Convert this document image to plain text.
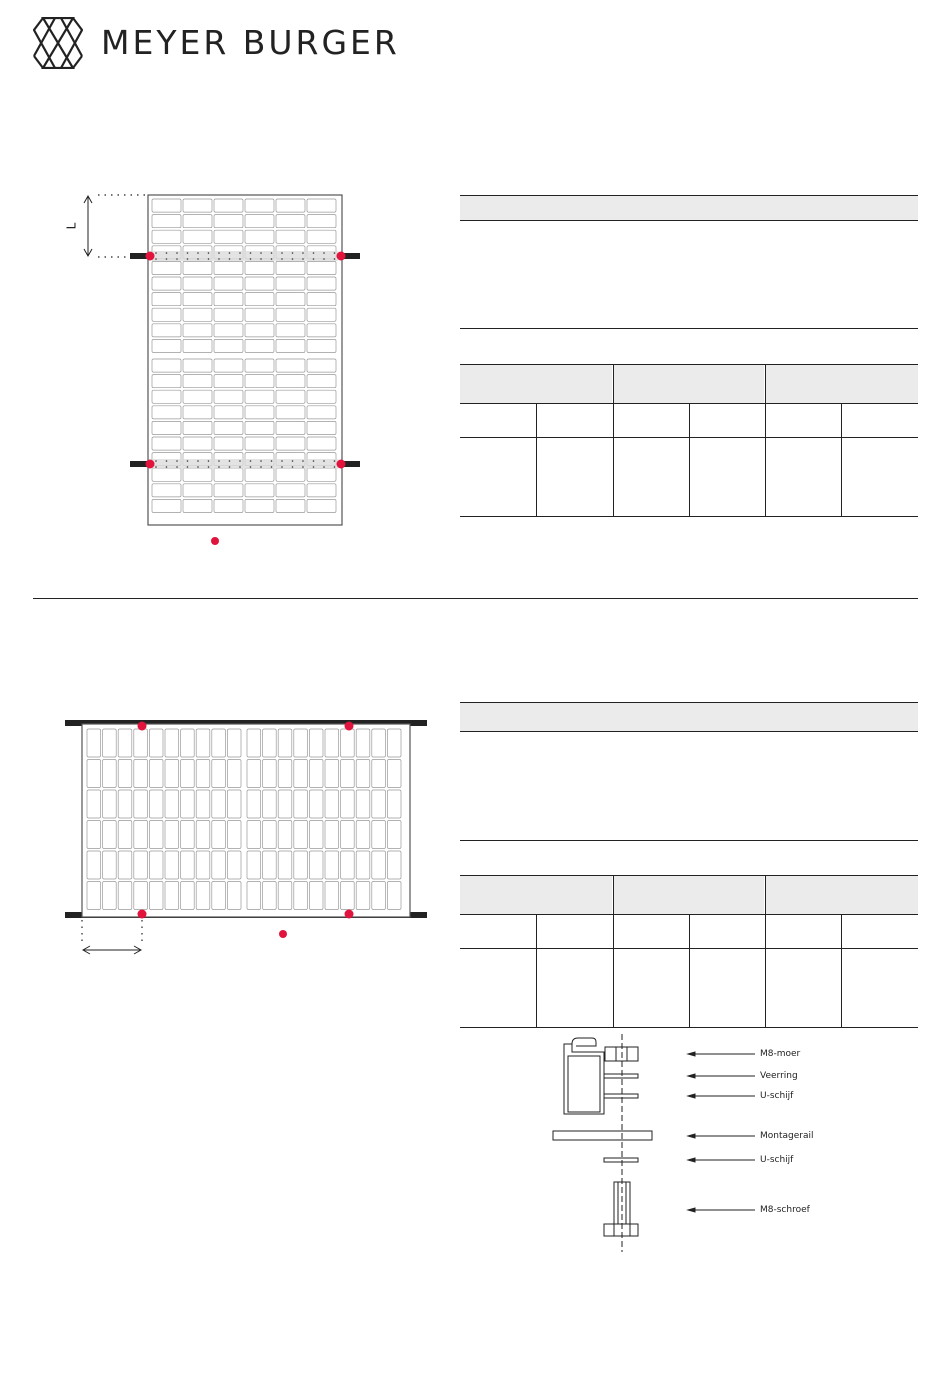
MEYER BURGER
L
M8-moer
Veerring
U-schijf
Montagerail
U-schijf
M8-schroef
